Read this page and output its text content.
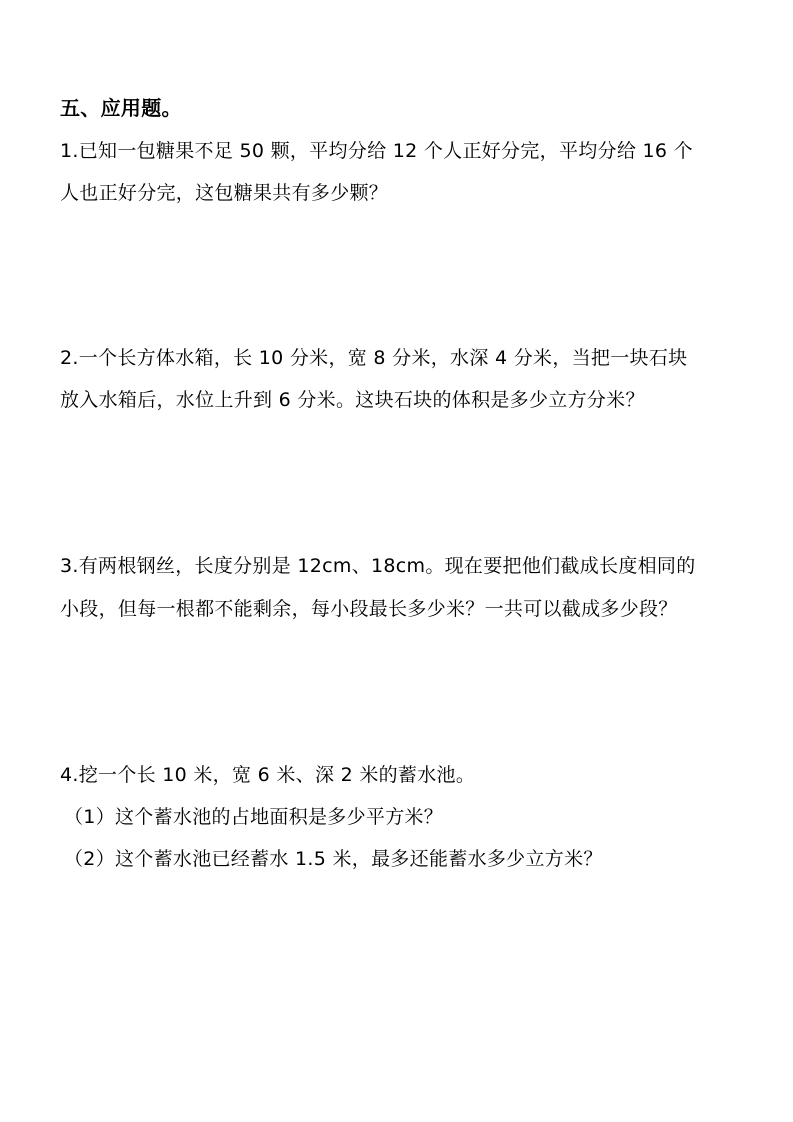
五、应用题。
1.已知一包糖果不足 50 颗，平均分给 12 个人正好分完，平均分给 16 个
人也正好分完，这包糖果共有多少颗？
2.一个长方体水箱，长 10 分米，宽 8 分米，水深 4 分米，当把一块石块
放入水箱后，水位上升到 6 分米。这块石块的体积是多少立方分米？
3.有两根钢丝，长度分别是 12cm、18cm。现在要把他们截成长度相同的
小段，但每一根都不能剩余，每小段最长多少米？一共可以截成多少段？
4.挖一个长 10 米，宽 6 米、深 2 米的蓄水池。
（1）这个蓄水池的占地面积是多少平方米？
（2）这个蓄水池已经蓄水 1.5 米，最多还能蓄水多少立方米？
